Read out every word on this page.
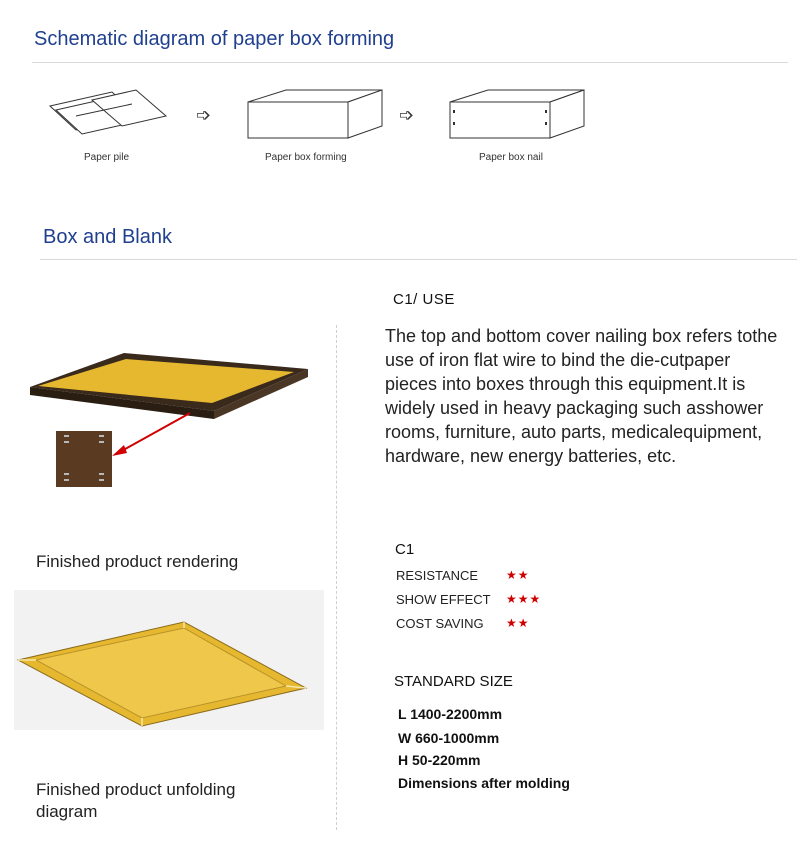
Schematic diagram of paper box forming
Paper pile
➩
Paper box forming
➩
Paper box nail
Box and Blank
Finished product rendering
Finished product unfolding diagram
C1/ USE
The top and bottom cover nailing box refers tothe use of iron flat wire to bind the die-cutpaper pieces into boxes through this equipment.It is widely used in heavy packaging such asshower rooms, furniture, auto parts, medicalequipment, hardware, new energy batteries, etc.
C1
RESISTANCE ★★
SHOW EFFECT ★★★
COST SAVING ★★
STANDARD SIZE
L 1400-2200mm
W 660-1000mm
H 50-220mm
Dimensions after molding
